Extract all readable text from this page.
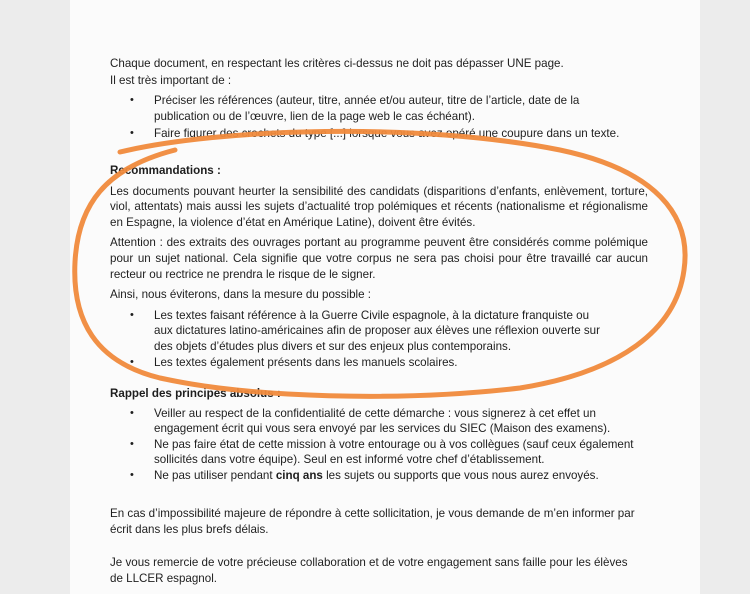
Chaque document, en respectant les critères ci-dessus ne doit pas dépasser UNE page.

Il est très important de :

• Préciser les références (auteur, titre, année et/ou auteur, titre de l’article, date de la publication ou de l’œuvre, lien de la page web le cas échéant).
• Faire figurer des crochets du type [...] lorsque vous avez opéré une coupure dans un texte.

Recommandations :

Les documents pouvant heurter la sensibilité des candidats (disparitions d’enfants, enlèvement, torture, viol, attentats) mais aussi les sujets d’actualité trop polémiques et récents (nationalisme et régionalisme en Espagne, la violence d’état en Amérique Latine), doivent être évités.

Attention : des extraits des ouvrages portant au programme peuvent être considérés comme polémique pour un sujet national. Cela signifie que votre corpus ne sera pas choisi pour être travaillé car aucun recteur ou rectrice ne prendra le risque de le signer.

Ainsi, nous éviterons, dans la mesure du possible :

• Les textes faisant référence à la Guerre Civile espagnole, à la dictature franquiste ou aux dictatures latino-américaines afin de proposer aux élèves une réflexion ouverte sur des objets d’études plus divers et sur des enjeux plus contemporains.
• Les textes également présents dans les manuels scolaires.

Rappel des principes absolus :

• Veiller au respect de la confidentialité de cette démarche : vous signerez à cet effet un engagement écrit qui vous sera envoyé par les services du SIEC (Maison des examens).
• Ne pas faire état de cette mission à votre entourage ou à vos collègues (sauf ceux également sollicités dans votre équipe). Seul en est informé votre chef d’établissement.
• Ne pas utiliser pendant cinq ans les sujets ou supports que vous nous aurez envoyés.

En cas d’impossibilité majeure de répondre à cette sollicitation, je vous demande de m’en informer par écrit dans les plus brefs délais.

Je vous remercie de votre précieuse collaboration et de votre engagement sans faille pour les élèves de LLCER espagnol.
